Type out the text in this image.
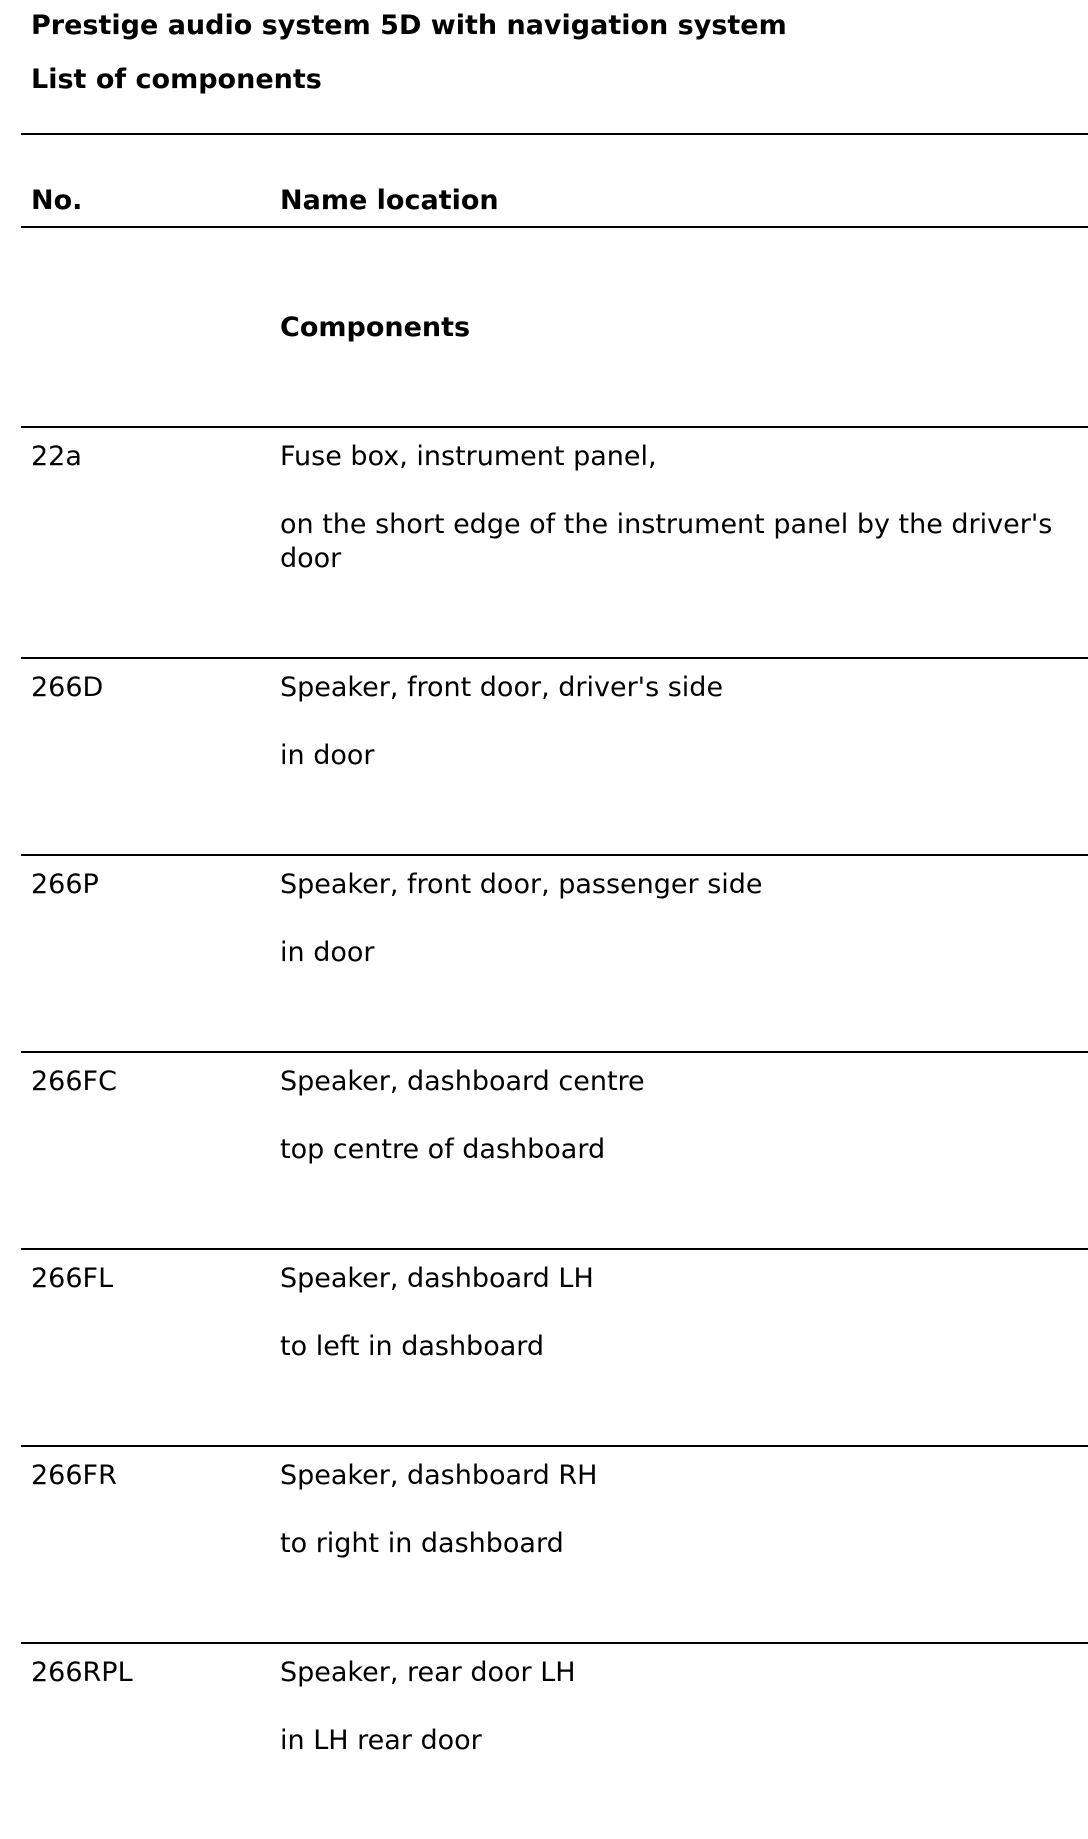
Prestige audio system 5D with navigation system
List of components
No.	Name location
Components
22a	Fuse box, instrument panel,
on the short edge of the instrument panel by the driver's door
266D	Speaker, front door, driver's side
in door
266P	Speaker, front door, passenger side
in door
266FC	Speaker, dashboard centre
top centre of dashboard
266FL	Speaker, dashboard LH
to left in dashboard
266FR	Speaker, dashboard RH
to right in dashboard
266RPL	Speaker, rear door LH
in LH rear door
